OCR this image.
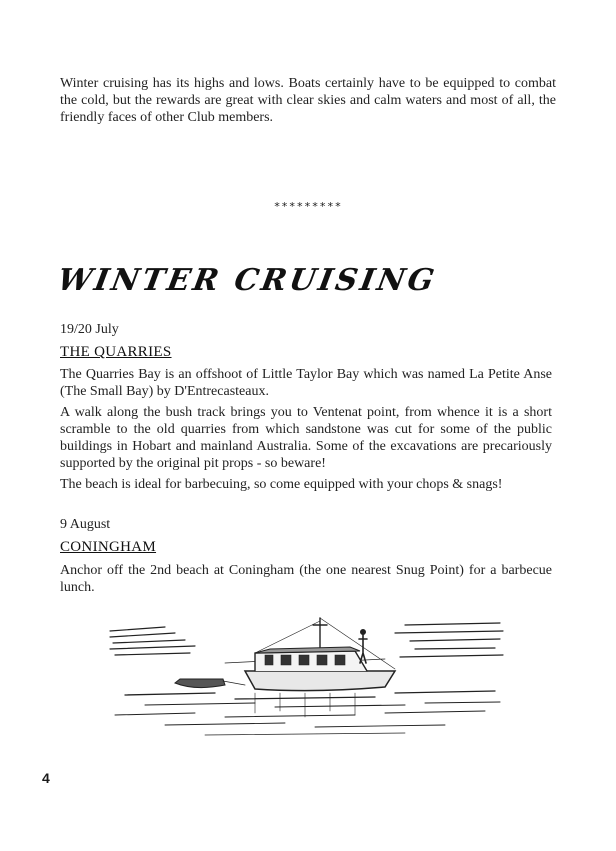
Winter cruising has its highs and lows. Boats certainly have to be equipped to combat the cold, but the rewards are great with clear skies and calm waters and most of all, the friendly faces of other Club members.
*********
WINTER CRUISING
19/20 July
THE QUARRIES

The Quarries Bay is an offshoot of Little Taylor Bay which was named La Petite Anse (The Small Bay) by D'Entrecasteaux.

A walk along the bush track brings you to Ventenat point, from whence it is a short scramble to the old quarries from which sandstone was cut for some of the public buildings in Hobart and mainland Australia. Some of the excavations are precariously supported by the original pit props - so beware!

The beach is ideal for barbecuing, so come equipped with your chops & snags!

9 August
CONINGHAM

Anchor off the 2nd beach at Coningham (the one nearest Snug Point) for a barbecue lunch.

4
